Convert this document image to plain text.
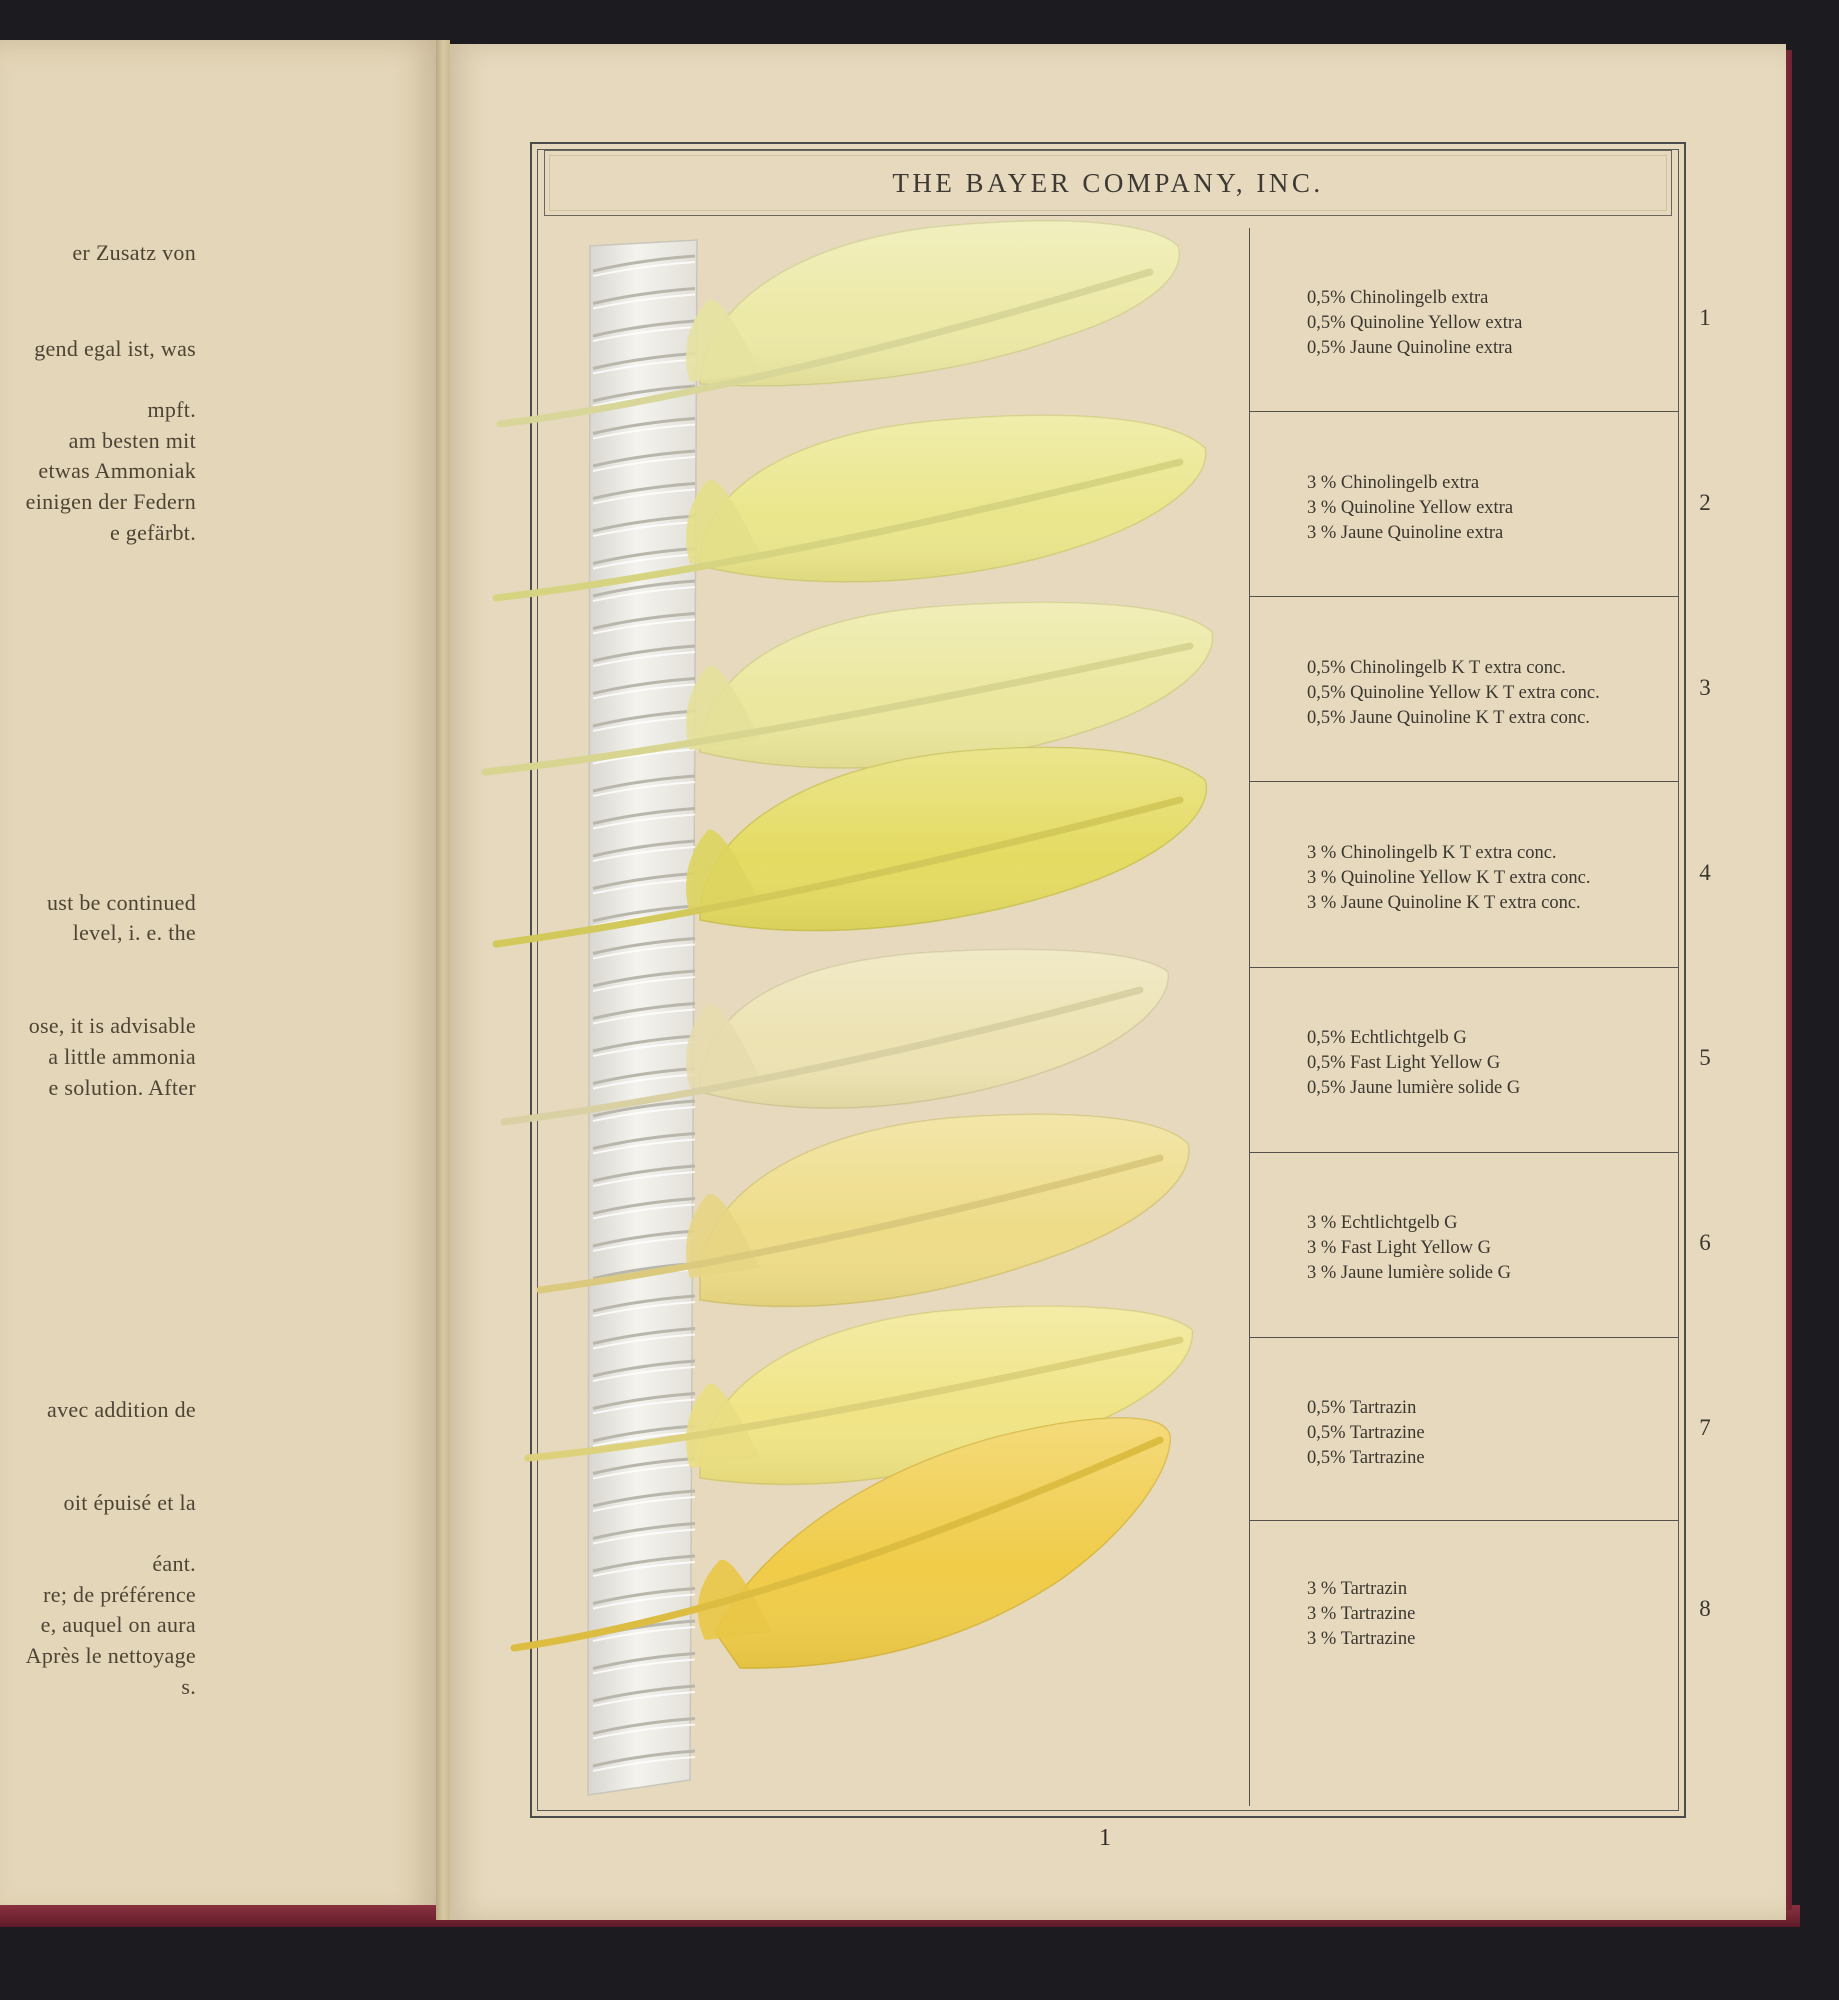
er Zusatz von
gend egal ist, was
mpft.
am besten mit
etwas Ammoniak
einigen der Federn
e gefärbt.
ust be continued
level, i. e. the
ose, it is advisable
a little ammonia
e solution. After
avec addition de
oit épuisé et la
éant.
re; de préférence
e, auquel on aura
Après le nettoyage
s.
THE BAYER COMPANY, INC.
0,5% Chinolingelb extra
0,5% Quinoline Yellow extra
0,5% Jaune Quinoline extra
1
3 % Chinolingelb extra
3 % Quinoline Yellow extra
3 % Jaune Quinoline extra
2
0,5% Chinolingelb K T extra conc.
0,5% Quinoline Yellow K T extra conc.
0,5% Jaune Quinoline K T extra conc.
3
3 % Chinolingelb K T extra conc.
3 % Quinoline Yellow K T extra conc.
3 % Jaune Quinoline K T extra conc.
4
0,5% Echtlichtgelb G
0,5% Fast Light Yellow G
0,5% Jaune lumière solide G
5
3 % Echtlichtgelb G
3 % Fast Light Yellow G
3 % Jaune lumière solide G
6
0,5% Tartrazin
0,5% Tartrazine
0,5% Tartrazine
7
3 % Tartrazin
3 % Tartrazine
3 % Tartrazine
8
1
